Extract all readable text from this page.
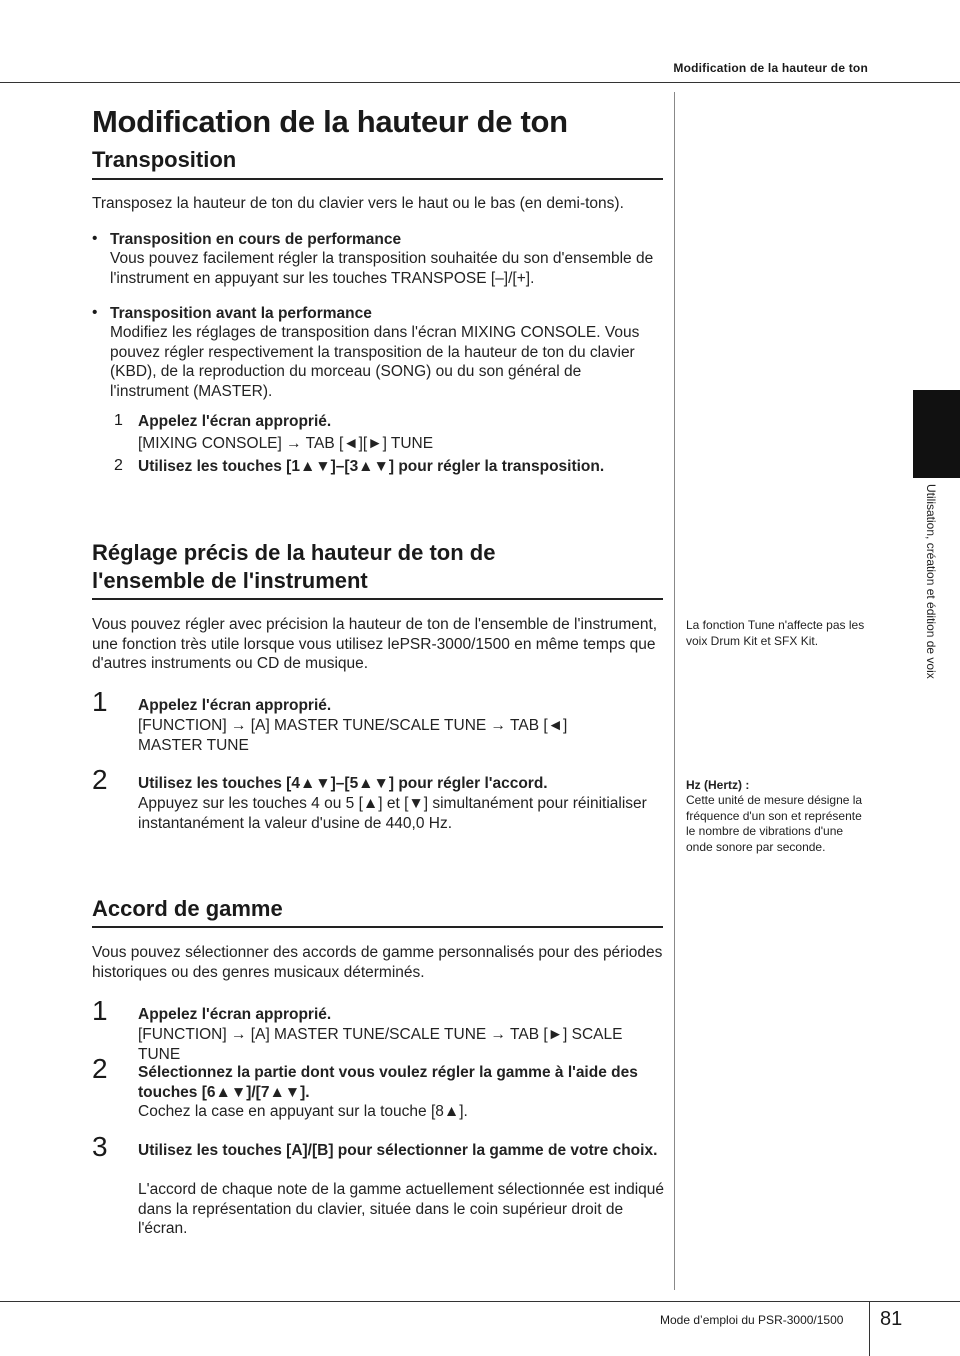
Modification de la hauteur de ton
Utilisation, création et édition de voix
Modification de la hauteur de ton
Transposition
Transposez la hauteur de ton du clavier vers le haut ou le bas (en demi-tons).
• Transposition en cours de performance
Vous pouvez facilement régler la transposition souhaitée du son d'ensemble de l'instrument en appuyant sur les touches TRANSPOSE [–]/[+].
• Transposition avant la performance
Modifiez les réglages de transposition dans l'écran MIXING CONSOLE. Vous pouvez régler respectivement la transposition de la hauteur de ton du clavier (KBD), de la reproduction du morceau (SONG) ou du son général de l'instrument (MASTER).
1 Appelez l'écran approprié.
[MIXING CONSOLE] → TAB [◄][►] TUNE
2 Utilisez les touches [1▲▼]–[3▲▼] pour régler la transposition.
Réglage précis de la hauteur de ton de
l'ensemble de l'instrument
Vous pouvez régler avec précision la hauteur de ton de l'ensemble de l'instrument, une fonction très utile lorsque vous utilisez lePSR-3000/1500 en même temps que d'autres instruments ou CD de musique.
1 Appelez l'écran approprié.
[FUNCTION] → [A] MASTER TUNE/SCALE TUNE → TAB [◄] MASTER TUNE
2 Utilisez les touches [4▲▼]–[5▲▼] pour régler l'accord.
Appuyez sur les touches 4 ou 5 [▲] et [▼] simultanément pour réinitialiser instantanément la valeur d'usine de 440,0 Hz.
Accord de gamme
Vous pouvez sélectionner des accords de gamme personnalisés pour des périodes historiques ou des genres musicaux déterminés.
1 Appelez l'écran approprié.
[FUNCTION] → [A] MASTER TUNE/SCALE TUNE → TAB [►] SCALE TUNE
2 Sélectionnez la partie dont vous voulez régler la gamme à l'aide des touches [6▲▼]/[7▲▼].
Cochez la case en appuyant sur la touche [8▲].
3 Utilisez les touches [A]/[B] pour sélectionner la gamme de votre choix.
L'accord de chaque note de la gamme actuellement sélectionnée est indiqué dans la représentation du clavier, située dans le coin supérieur droit de l'écran.
La fonction Tune n'affecte pas les voix Drum Kit et SFX Kit.
Hz (Hertz) :
Cette unité de mesure désigne la fréquence d'un son et représente le nombre de vibrations d'une onde sonore par seconde.
Mode d’emploi du PSR-3000/1500 81
